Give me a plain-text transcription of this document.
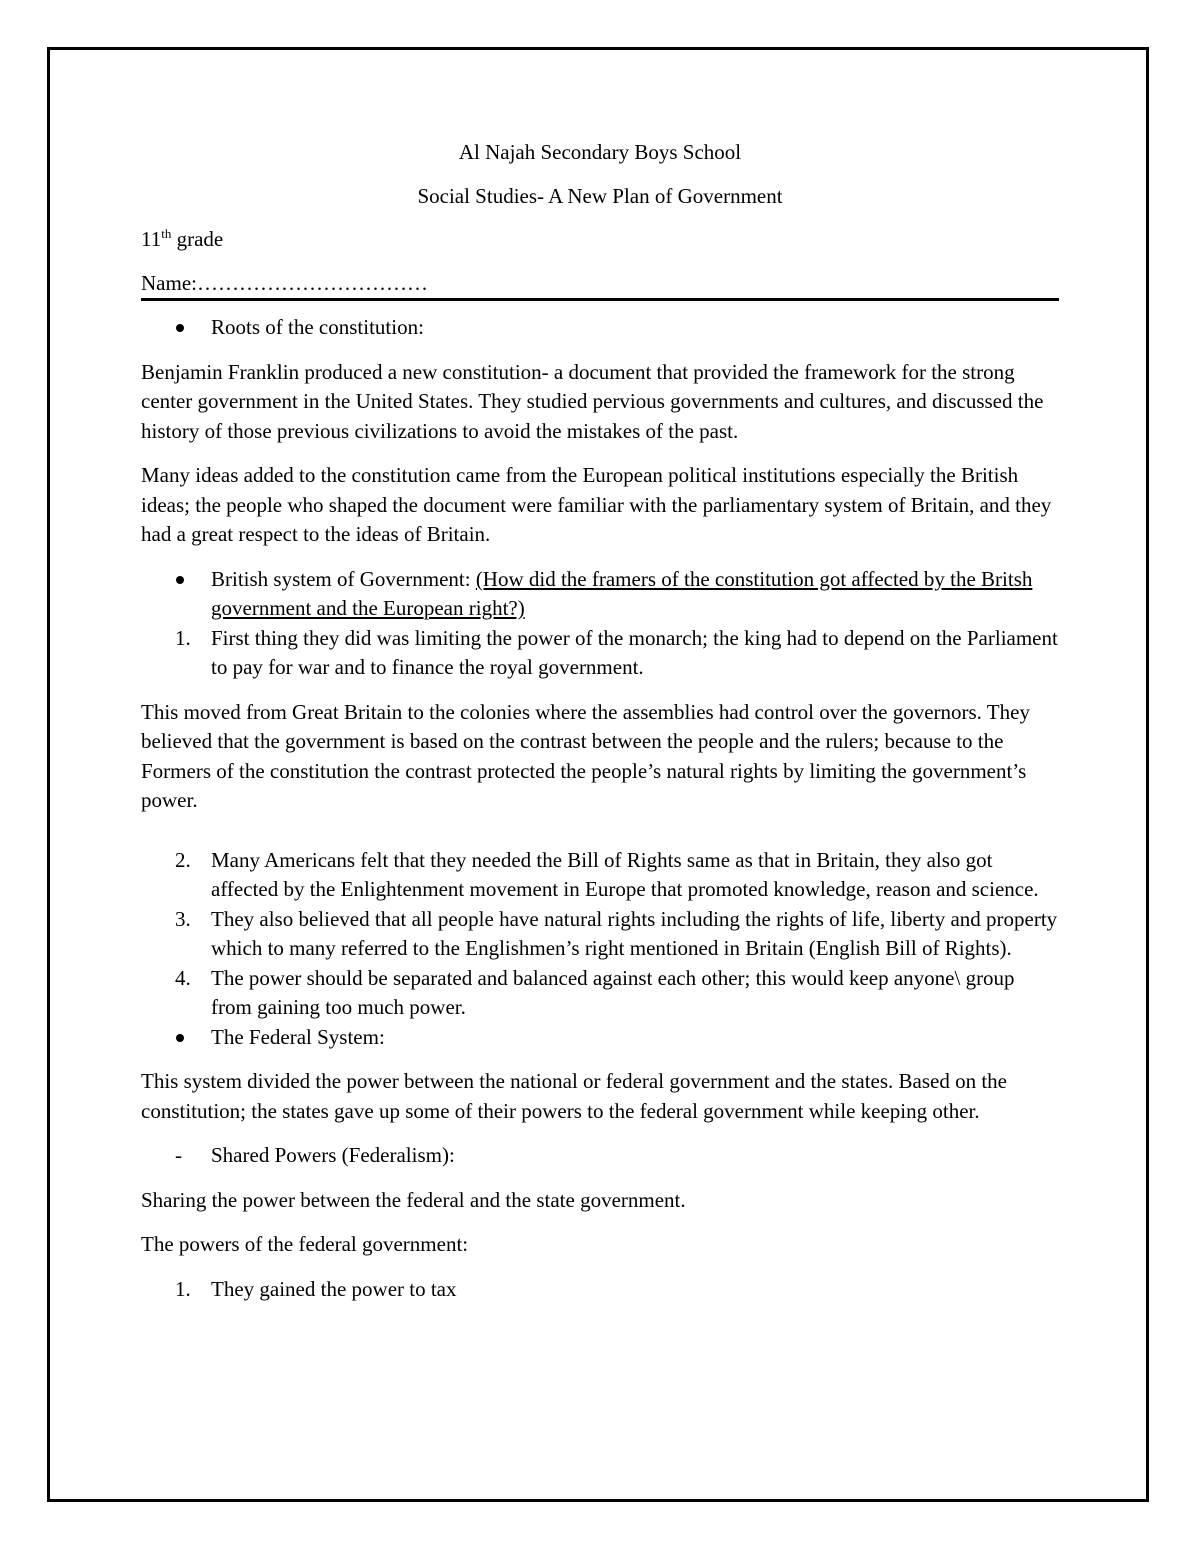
Al Najah Secondary Boys School

Social Studies- A New Plan of Government

11th grade

Name:……………………………

Roots of the constitution:

Benjamin Franklin produced a new constitution- a document that provided the framework for the strong center government in the United States. They studied pervious governments and cultures, and discussed the history of those previous civilizations to avoid the mistakes of the past.

Many ideas added to the constitution came from the European political institutions especially the British ideas; the people who shaped the document were familiar with the parliamentary system of Britain, and they had a great respect to the ideas of Britain.

British system of Government: (How did the framers of the constitution got affected by the Britsh government and the European right?)
1. First thing they did was limiting the power of the monarch; the king had to depend on the Parliament to pay for war and to finance the royal government.

This moved from Great Britain to the colonies where the assemblies had control over the governors. They believed that the government is based on the contrast between the people and the rulers; because to the Formers of the constitution the contrast protected the people’s natural rights by limiting the government’s power.

2. Many Americans felt that they needed the Bill of Rights same as that in Britain, they also got affected by the Enlightenment movement in Europe that promoted knowledge, reason and science.
3. They also believed that all people have natural rights including the rights of life, liberty and property which to many referred to the Englishmen’s right mentioned in Britain (English Bill of Rights).
4. The power should be separated and balanced against each other; this would keep anyone\ group from gaining too much power.
The Federal System:

This system divided the power between the national or federal government and the states. Based on the constitution; the states gave up some of their powers to the federal government while keeping other.

- Shared Powers (Federalism):

Sharing the power between the federal and the state government.

The powers of the federal government:

1. They gained the power to tax
